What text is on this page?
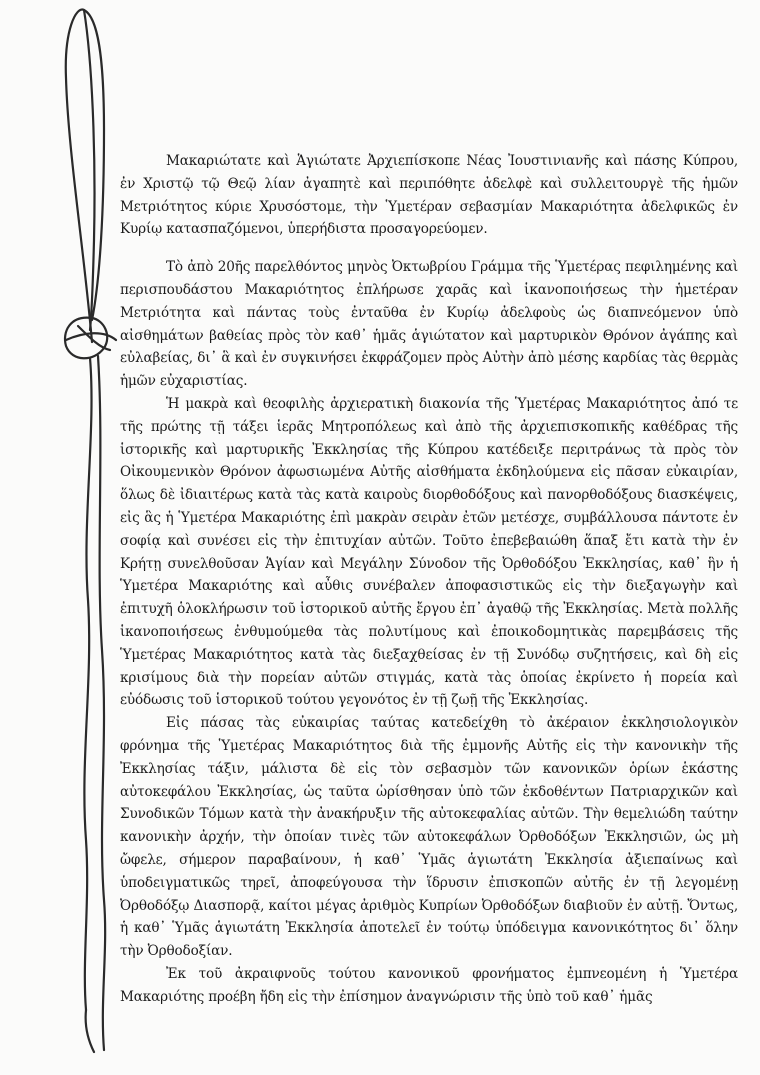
Μακαριώτατε καὶ Ἁγιώτατε Ἀρχιεπίσκοπε Νέας Ἰουστινιανῆς καὶ πάσης Κύπρου, ἐν Χριστῷ τῷ Θεῷ λίαν ἀγαπητὲ καὶ περιπόθητε ἀδελφὲ καὶ συλλειτουργὲ τῆς ἡμῶν Μετριότητος κύριε Χρυσόστομε, τὴν Ὑμετέραν σεβασμίαν Μακαριότητα ἀδελφικῶς ἐν Κυρίῳ κατασπαζόμενοι, ὑπερήδιστα προσαγορεύομεν.

Τὸ ἀπὸ 20ῆς παρελθόντος μηνὸς Ὀκτωβρίου Γράμμα τῆς Ὑμετέρας πεφιλημένης καὶ περισπουδάστου Μακαριότητος ἐπλήρωσε χαρᾶς καὶ ἱκανοποιήσεως τὴν ἡμετέραν Μετριότητα καὶ πάντας τοὺς ἐνταῦθα ἐν Κυρίῳ ἀδελφοὺς ὡς διαπνεόμενον ὑπὸ αἰσθημάτων βαθείας πρὸς τὸν καθ᾽ ἡμᾶς ἁγιώτατον καὶ μαρτυρικὸν Θρόνον ἀγάπης καὶ εὐλαβείας, δι᾽ ἃ καὶ ἐν συγκινήσει ἐκφράζομεν πρὸς Αὐτὴν ἀπὸ μέσης καρδίας τὰς θερμὰς ἡμῶν εὐχαριστίας.

Ἡ μακρὰ καὶ θεοφιλὴς ἀρχιερατικὴ διακονία τῆς Ὑμετέρας Μακαριότητος ἀπό τε τῆς πρώτης τῇ τάξει ἱερᾶς Μητροπόλεως καὶ ἀπὸ τῆς ἀρχιεπισκοπικῆς καθέδρας τῆς ἱστορικῆς καὶ μαρτυρικῆς Ἐκκλησίας τῆς Κύπρου κατέδειξε περιτράνως τὰ πρὸς τὸν Οἰκουμενικὸν Θρόνον ἀφωσιωμένα Αὐτῆς αἰσθήματα ἐκδηλούμενα εἰς πᾶσαν εὐκαιρίαν, ὅλως δὲ ἰδιαιτέρως κατὰ τὰς κατὰ καιροὺς διορθοδόξους καὶ πανορθοδόξους διασκέψεις, εἰς ἃς ἡ Ὑμετέρα Μακαριότης ἐπὶ μακρὰν σειρὰν ἐτῶν μετέσχε, συμβάλλουσα πάντοτε ἐν σοφίᾳ καὶ συνέσει εἰς τὴν ἐπιτυχίαν αὐτῶν. Τοῦτο ἐπεβεβαιώθη ἅπαξ ἔτι κατὰ τὴν ἐν Κρήτῃ συνελθοῦσαν Ἁγίαν καὶ Μεγάλην Σύνοδον τῆς Ὀρθοδόξου Ἐκκλησίας, καθ᾽ ἣν ἡ Ὑμετέρα Μακαριότης καὶ αὖθις συνέβαλεν ἀποφασιστικῶς εἰς τὴν διεξαγωγὴν καὶ ἐπιτυχῆ ὁλοκλήρωσιν τοῦ ἱστορικοῦ αὐτῆς ἔργου ἐπ᾽ ἀγαθῷ τῆς Ἐκκλησίας. Μετὰ πολλῆς ἱκανοποιήσεως ἐνθυμούμεθα τὰς πολυτίμους καὶ ἐποικοδομητικὰς παρεμβάσεις τῆς Ὑμετέρας Μακαριότητος κατὰ τὰς διεξαχθείσας ἐν τῇ Συνόδῳ συζητήσεις, καὶ δὴ εἰς κρισίμους διὰ τὴν πορείαν αὐτῶν στιγμάς, κατὰ τὰς ὁποίας ἐκρίνετο ἡ πορεία καὶ εὐόδωσις τοῦ ἱστορικοῦ τούτου γεγονότος ἐν τῇ ζωῇ τῆς Ἐκκλησίας.

Εἰς πάσας τὰς εὐκαιρίας ταύτας κατεδείχθη τὸ ἀκέραιον ἐκκλησιολογικὸν φρόνημα τῆς Ὑμετέρας Μακαριότητος διὰ τῆς ἐμμονῆς Αὐτῆς εἰς τὴν κανονικὴν τῆς Ἐκκλησίας τάξιν, μάλιστα δὲ εἰς τὸν σεβασμὸν τῶν κανονικῶν ὁρίων ἑκάστης αὐτοκεφάλου Ἐκκλησίας, ὡς ταῦτα ὡρίσθησαν ὑπὸ τῶν ἐκδοθέντων Πατριαρχικῶν καὶ Συνοδικῶν Τόμων κατὰ τὴν ἀνακήρυξιν τῆς αὐτοκεφαλίας αὐτῶν. Τὴν θεμελιώδη ταύτην κανονικὴν ἀρχήν, τὴν ὁποίαν τινὲς τῶν αὐτοκεφάλων Ὀρθοδόξων Ἐκκλησιῶν, ὡς μὴ ὤφελε, σήμερον παραβαίνουν, ἡ καθ᾽ Ὑμᾶς ἁγιωτάτη Ἐκκλησία ἀξιεπαίνως καὶ ὑποδειγματικῶς τηρεῖ, ἀποφεύγουσα τὴν ἵδρυσιν ἐπισκοπῶν αὐτῆς ἐν τῇ λεγομένῃ Ὀρθοδόξῳ Διασπορᾷ, καίτοι μέγας ἀριθμὸς Κυπρίων Ὀρθοδόξων διαβιοῦν ἐν αὐτῇ. Ὄντως, ἡ καθ᾽ Ὑμᾶς ἁγιωτάτη Ἐκκλησία ἀποτελεῖ ἐν τούτῳ ὑπόδειγμα κανονικότητος δι᾽ ὅλην τὴν Ὀρθοδοξίαν.

Ἐκ τοῦ ἀκραιφνοῦς τούτου κανονικοῦ φρονήματος ἐμπνεομένη ἡ Ὑμετέρα Μακαριότης προέβη ἤδη εἰς τὴν ἐπίσημον ἀναγνώρισιν τῆς ὑπὸ τοῦ καθ᾽ ἡμᾶς
